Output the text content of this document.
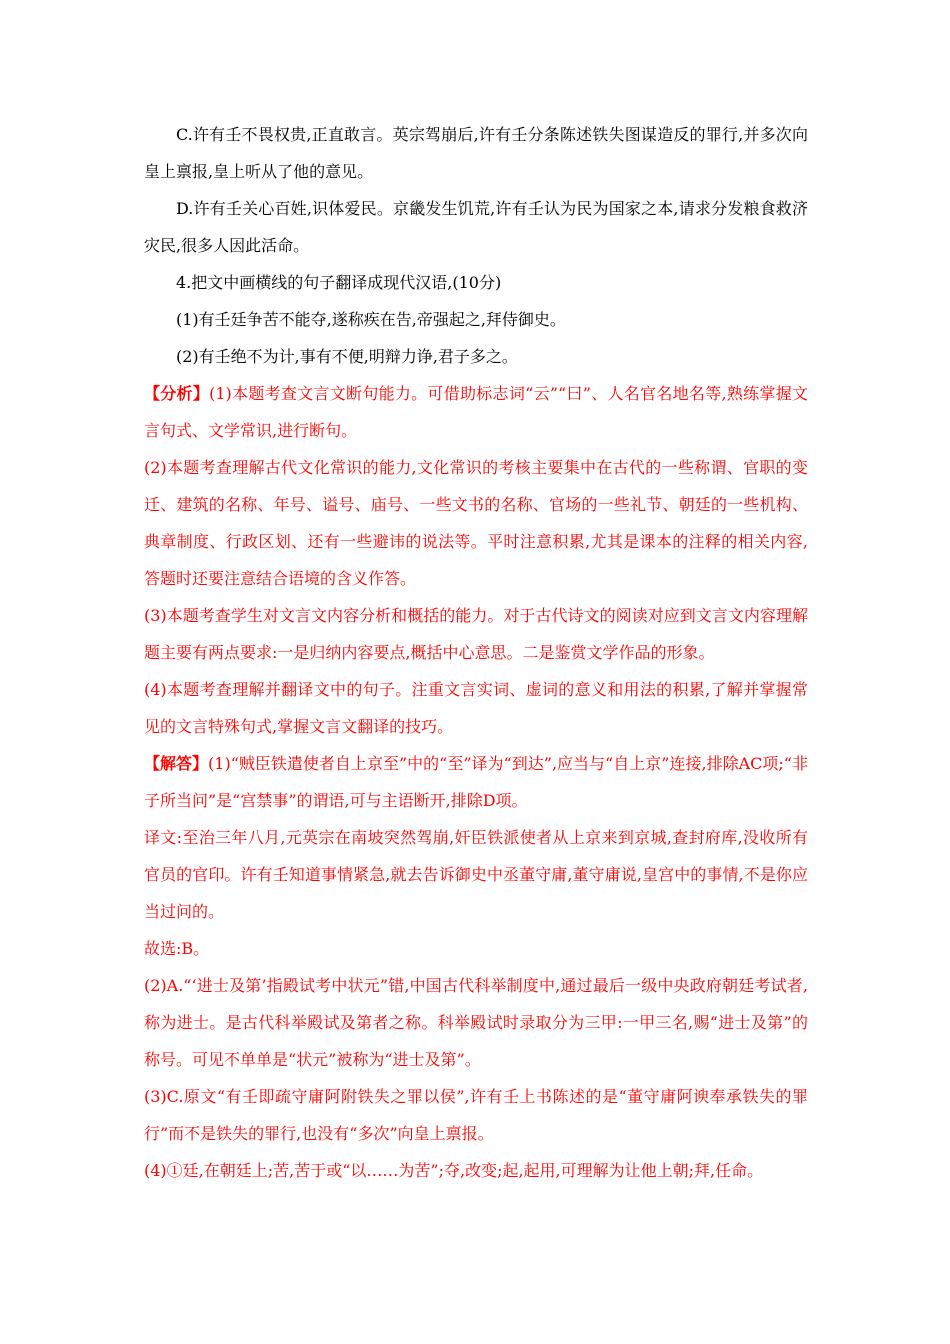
C.许有壬不畏权贵,正直敢言。英宗驾崩后,许有壬分条陈述铁失图谋造反的罪行,并多次向皇上禀报,皇上听从了他的意见。

D.许有壬关心百姓,识体爱民。京畿发生饥荒,许有壬认为民为国家之本,请求分发粮食救济灾民,很多人因此活命。

4.把文中画横线的句子翻译成现代汉语,(10分)

(1)有壬廷争苦不能夺,遂称疾在告,帝强起之,拜侍御史。

(2)有壬绝不为计,事有不便,明辩力诤,君子多之。

【分析】(1)本题考查文言文断句能力。可借助标志词“云”“曰”、人名官名地名等,熟练掌握文言句式、文学常识,进行断句。

(2)本题考查理解古代文化常识的能力,文化常识的考核主要集中在古代的一些称谓、官职的变迁、建筑的名称、年号、谥号、庙号、一些文书的名称、官场的一些礼节、朝廷的一些机构、典章制度、行政区划、还有一些避讳的说法等。平时注意积累,尤其是课本的注释的相关内容,答题时还要注意结合语境的含义作答。

(3)本题考查学生对文言文内容分析和概括的能力。对于古代诗文的阅读对应到文言文内容理解题主要有两点要求:一是归纳内容要点,概括中心意思。二是鉴赏文学作品的形象。

(4)本题考查理解并翻译文中的句子。注重文言实词、虚词的意义和用法的积累,了解并掌握常见的文言特殊句式,掌握文言文翻译的技巧。

【解答】(1)“贼臣铁遣使者自上京至”中的“至”译为“到达”,应当与“自上京”连接,排除AC项;“非子所当问”是“宫禁事”的谓语,可与主语断开,排除D项。

译文:至治三年八月,元英宗在南坡突然驾崩,奸臣铁派使者从上京来到京城,查封府库,没收所有官员的官印。许有壬知道事情紧急,就去告诉御史中丞董守庸,董守庸说,皇宫中的事情,不是你应当过问的。

故选:B。

(2)A.“‘进士及第’指殿试考中状元”错,中国古代科举制度中,通过最后一级中央政府朝廷考试者,称为进士。是古代科举殿试及第者之称。科举殿试时录取分为三甲:一甲三名,赐“进士及第”的称号。可见不单单是“状元”被称为“进士及第”。

(3)C.原文“有壬即疏守庸阿附铁失之罪以侯”,许有壬上书陈述的是“董守庸阿谀奉承铁失的罪行”而不是铁失的罪行,也没有“多次”向皇上禀报。

(4)①廷,在朝廷上;苦,苦于或“以……为苦”;夺,改变;起,起用,可理解为让他上朝;拜,任命。
